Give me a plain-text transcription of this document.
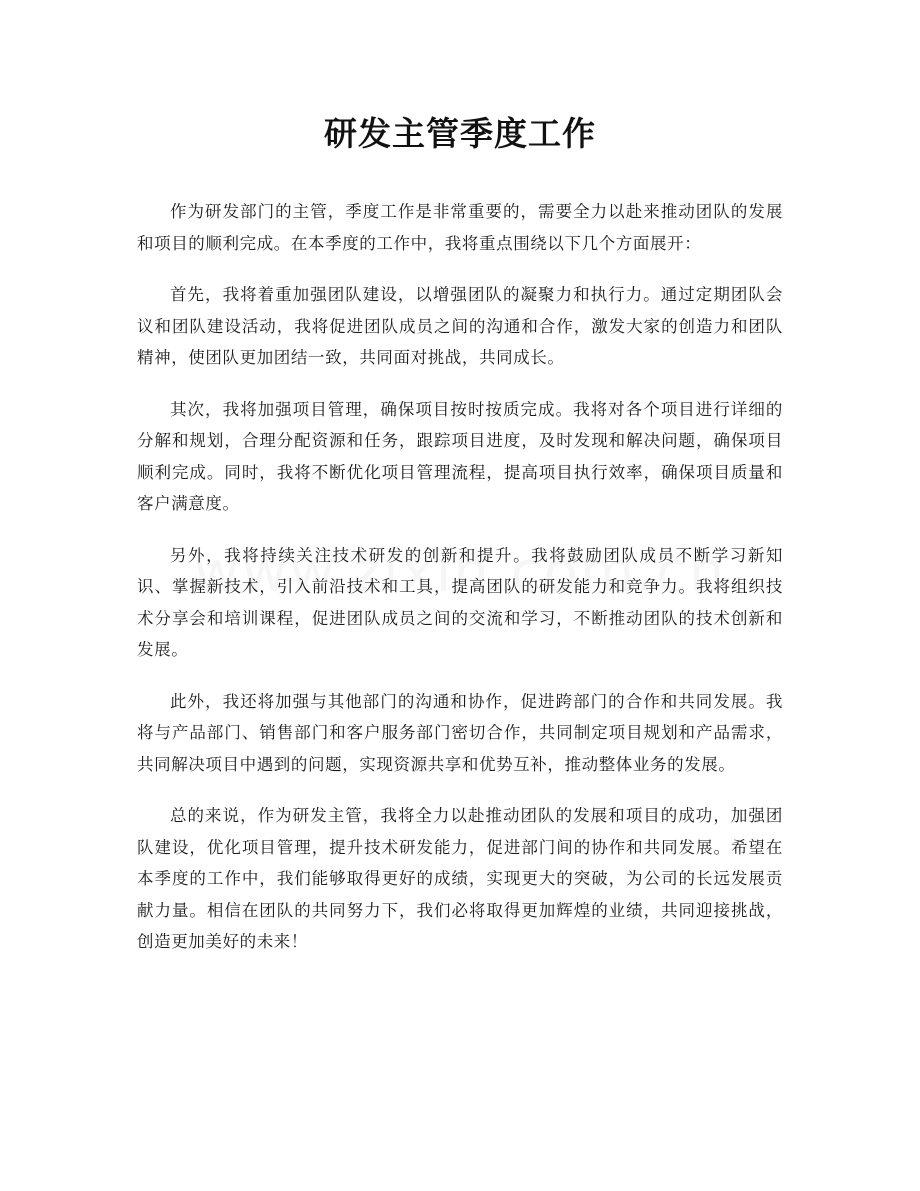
研发主管季度工作

作为研发部门的主管，季度工作是非常重要的，需要全力以赴来推动团队的发展和项目的顺利完成。在本季度的工作中，我将重点围绕以下几个方面展开：

首先，我将着重加强团队建设，以增强团队的凝聚力和执行力。通过定期团队会议和团队建设活动，我将促进团队成员之间的沟通和合作，激发大家的创造力和团队精神，使团队更加团结一致，共同面对挑战，共同成长。

其次，我将加强项目管理，确保项目按时按质完成。我将对各个项目进行详细的分解和规划，合理分配资源和任务，跟踪项目进度，及时发现和解决问题，确保项目顺利完成。同时，我将不断优化项目管理流程，提高项目执行效率，确保项目质量和客户满意度。

另外，我将持续关注技术研发的创新和提升。我将鼓励团队成员不断学习新知识、掌握新技术，引入前沿技术和工具，提高团队的研发能力和竞争力。我将组织技术分享会和培训课程，促进团队成员之间的交流和学习，不断推动团队的技术创新和发展。

此外，我还将加强与其他部门的沟通和协作，促进跨部门的合作和共同发展。我将与产品部门、销售部门和客户服务部门密切合作，共同制定项目规划和产品需求，共同解决项目中遇到的问题，实现资源共享和优势互补，推动整体业务的发展。

总的来说，作为研发主管，我将全力以赴推动团队的发展和项目的成功，加强团队建设，优化项目管理，提升技术研发能力，促进部门间的协作和共同发展。希望在本季度的工作中，我们能够取得更好的成绩，实现更大的突破，为公司的长远发展贡献力量。相信在团队的共同努力下，我们必将取得更加辉煌的业绩，共同迎接挑战，创造更加美好的未来！
